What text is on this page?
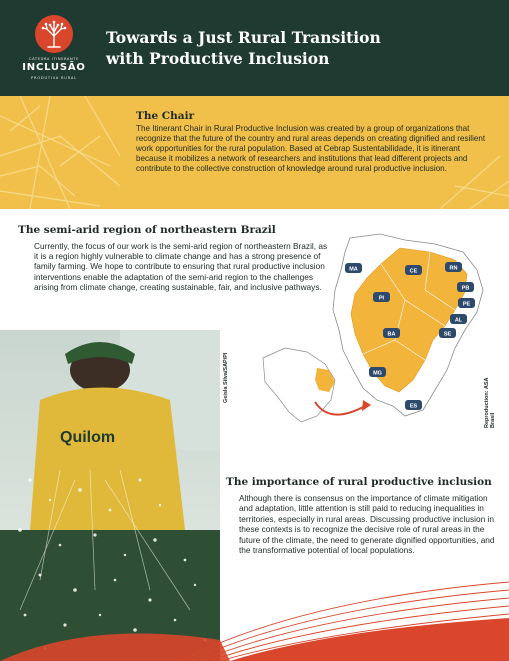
CÁTEDRA ITINERANTE
INCLUSÃO
PRODUTIVA RURAL
Towards a Just Rural Transition
with Productive Inclusion
The Chair
The Itinerant Chair in Rural Productive Inclusion was created by a group of organizations that recognize that the future of the country and rural areas depends on creating dignified and resilient work opportunities for the rural population. Based at Cebrap Sustentabilidade, it is itinerant because it mobilizes a network of researchers and institutions that lead different projects and contribute to the collective construction of knowledge around rural productive inclusion.
The semi-arid region of northeastern Brazil
Currently, the focus of our work is the semi-arid region of northeastern Brazil, as it is a region highly vulnerable to climate change and has a strong presence of family farming. We hope to contribute to ensuring that rural productive inclusion interventions enable the adaptation of the semi-arid region to the challenges arising from climate change, creating sustainable, fair, and inclusive pathways.
MA	CE	RN
PB
PI
PE
AL
SE
BA
MG
ES	Reproduction: ASA Brasil
Quilom
Geisla Silva/SAP/PI
The importance of rural productive inclusion
Although there is consensus on the importance of climate mitigation and adaptation, little attention is still paid to reducing inequalities in territories, especially in rural areas. Discussing productive inclusion in these contexts is to recognize the decisive role of rural areas in the future of the climate, the need to generate dignified opportunities, and the transformative potential of local populations.
